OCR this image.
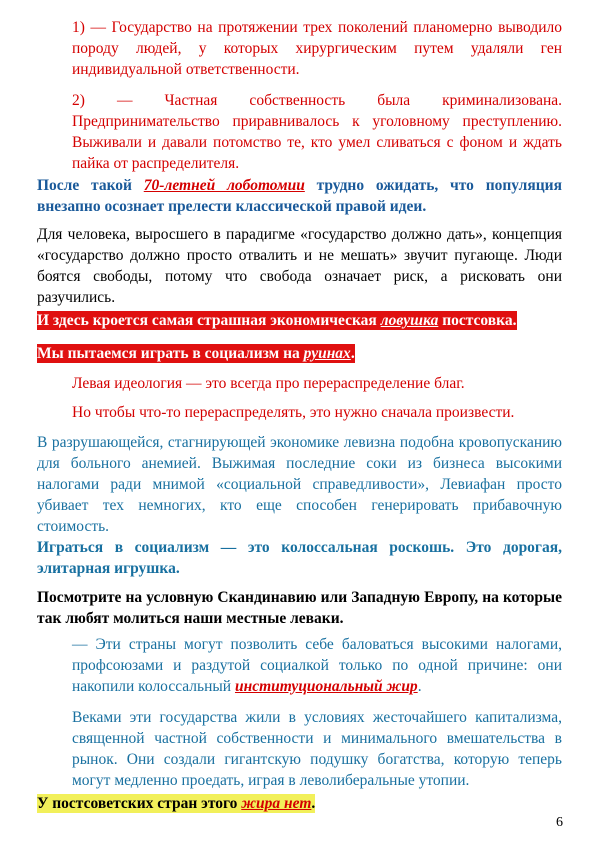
1) — Государство на протяжении трех поколений планомерно выводило породу людей, у которых хирургическим путем удаляли ген индивидуальной ответственности.

2) — Частная собственность была криминализована. Предпринимательство приравнивалось к уголовному преступлению. Выживали и давали потомство те, кто умел сливаться с фоном и ждать пайка от распределителя.

После такой 70-летней лоботомии трудно ожидать, что популяция внезапно осознает прелести классической правой идеи.

Для человека, выросшего в парадигме «государство должно дать», концепция «государство должно просто отвалить и не мешать» звучит пугающе. Люди боятся свободы, потому что свобода означает риск, а рисковать они разучились.

И здесь кроется самая страшная экономическая ловушка постсовка.

Мы пытаемся играть в социализм на руинах.

Левая идеология — это всегда про перераспределение благ.

Но чтобы что-то перераспределять, это нужно сначала произвести.

В разрушающейся, стагнирующей экономике левизна подобна кровопусканию для больного анемией. Выжимая последние соки из бизнеса высокими налогами ради мнимой «социальной справедливости», Левиафан просто убивает тех немногих, кто еще способен генерировать прибавочную стоимость.

Играться в социализм — это колоссальная роскошь. Это дорогая, элитарная игрушка.

Посмотрите на условную Скандинавию или Западную Европу, на которые так любят молиться наши местные леваки.

— Эти страны могут позволить себе баловаться высокими налогами, профсоюзами и раздутой социалкой только по одной причине: они накопили колоссальный институциональный жир.

Веками эти государства жили в условиях жесточайшего капитализма, священной частной собственности и минимального вмешательства в рынок. Они создали гигантскую подушку богатства, которую теперь могут медленно проедать, играя в леволиберальные утопии.

У постсоветских стран этого жира нет.

6
